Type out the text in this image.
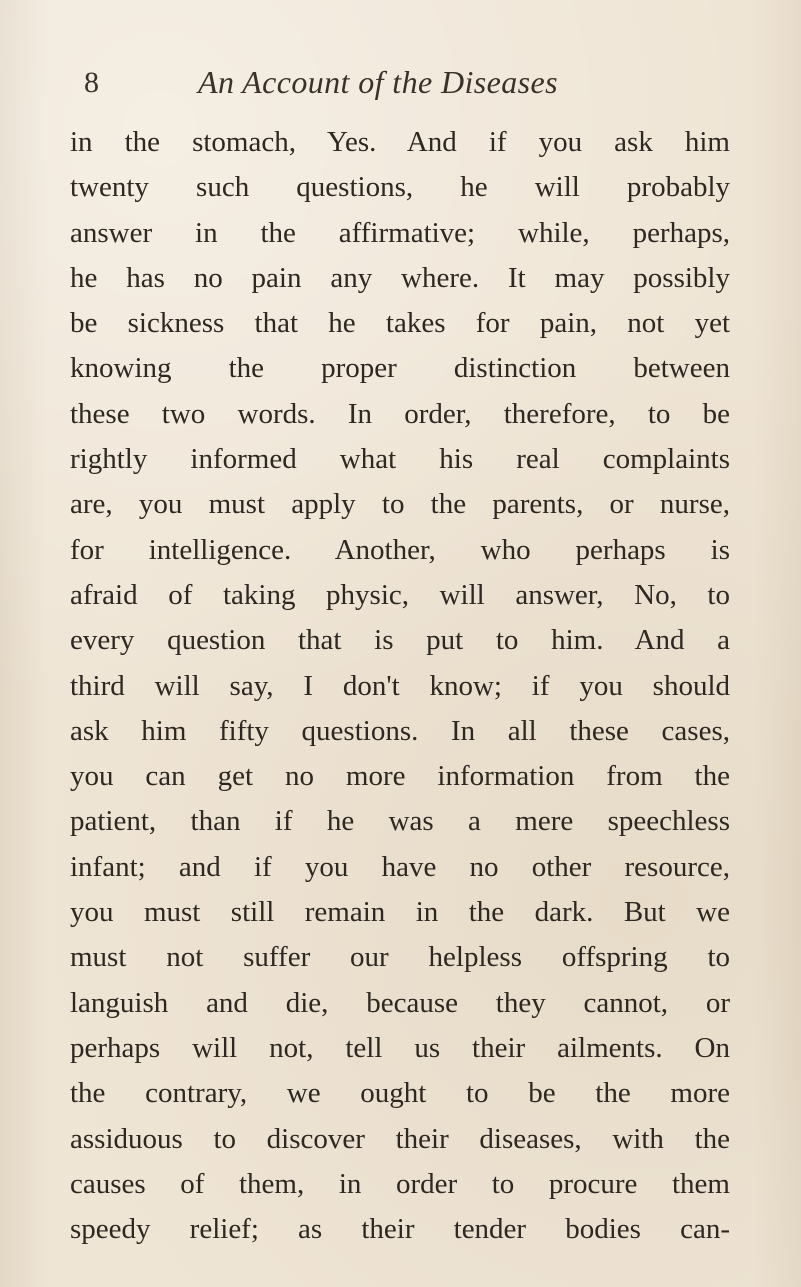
8	An Account of the Diseases
in the stomach, Yes. And if you ask him
twenty such questions, he will probably
answer in the affirmative; while, perhaps,
he has no pain any where. It may possibly
be sickness that he takes for pain, not yet
knowing the proper distinction between
these two words. In order, therefore, to be
rightly informed what his real complaints
are, you must apply to the parents, or nurse,
for intelligence. Another, who perhaps is
afraid of taking physic, will answer, No, to
every question that is put to him. And a
third will say, I don't know; if you should
ask him fifty questions. In all these cases,
you can get no more information from the
patient, than if he was a mere speechless
infant; and if you have no other resource,
you must still remain in the dark. But we
must not suffer our helpless offspring to
languish and die, because they cannot, or
perhaps will not, tell us their ailments. On
the contrary, we ought to be the more
assiduous to discover their diseases, with the
causes of them, in order to procure them
speedy relief; as their tender bodies can-
